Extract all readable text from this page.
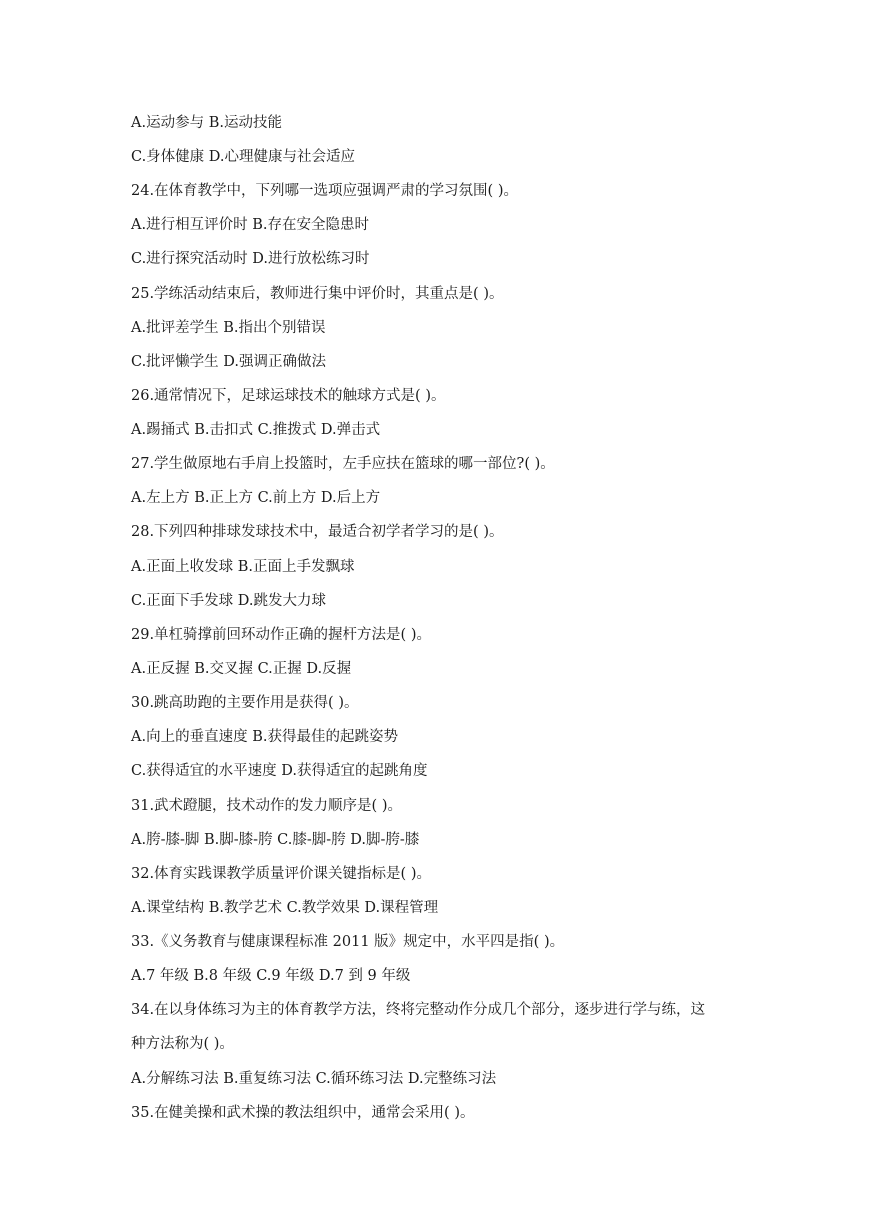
A.运动参与 B.运动技能
C.身体健康 D.心理健康与社会适应
24.在体育教学中，下列哪一选项应强调严肃的学习氛围( )。
A.进行相互评价时 B.存在安全隐患时
C.进行探究活动时 D.进行放松练习时
25.学练活动结束后，教师进行集中评价时，其重点是( )。
A.批评差学生 B.指出个别错误
C.批评懒学生 D.强调正确做法
26.通常情况下，足球运球技术的触球方式是( )。
A.踢捅式 B.击扣式 C.推拨式 D.弹击式
27.学生做原地右手肩上投篮时，左手应扶在篮球的哪一部位?( )。
A.左上方 B.正上方 C.前上方 D.后上方
28.下列四种排球发球技术中，最适合初学者学习的是( )。
A.正面上收发球 B.正面上手发飘球
C.正面下手发球 D.跳发大力球
29.单杠骑撑前回环动作正确的握杆方法是( )。
A.正反握 B.交叉握 C.正握 D.反握
30.跳高助跑的主要作用是获得( )。
A.向上的垂直速度 B.获得最佳的起跳姿势
C.获得适宜的水平速度 D.获得适宜的起跳角度
31.武术蹬腿，技术动作的发力顺序是( )。
A.胯-膝-脚 B.脚-膝-胯 C.膝-脚-胯 D.脚-胯-膝
32.体育实践课教学质量评价课关键指标是( )。
A.课堂结构 B.教学艺术 C.教学效果 D.课程管理
33.《义务教育与健康课程标准 2011 版》规定中，水平四是指( )。
A.7 年级 B.8 年级 C.9 年级 D.7 到 9 年级
34.在以身体练习为主的体育教学方法，终将完整动作分成几个部分，逐步进行学与练，这
种方法称为( )。
A.分解练习法 B.重复练习法 C.循环练习法 D.完整练习法
35.在健美操和武术操的教法组织中，通常会采用( )。
